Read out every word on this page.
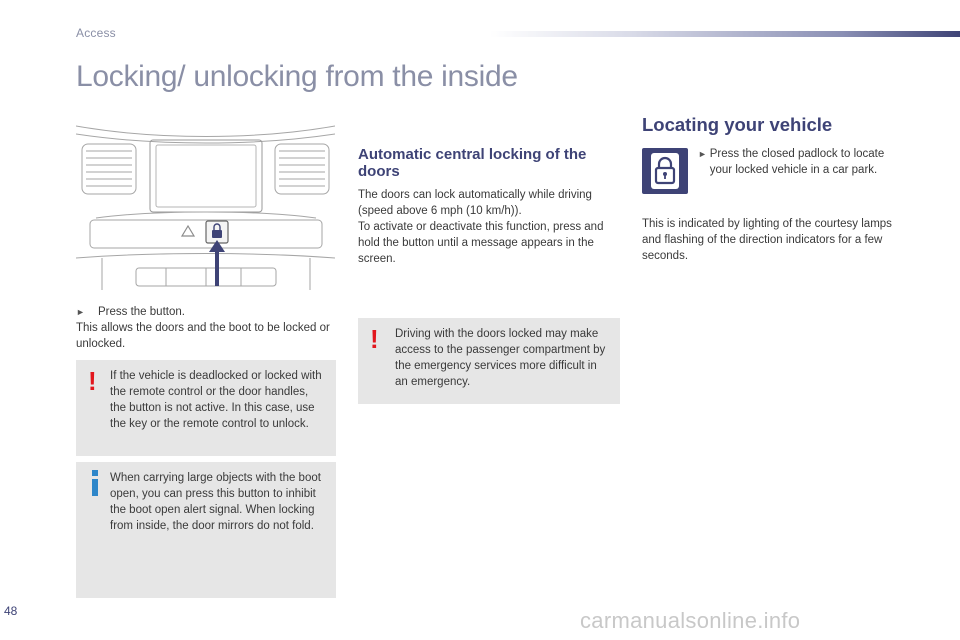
Access
Locking/ unlocking from the inside
► Press the button.
This allows the doors and the boot to be locked or unlocked.
! If the vehicle is deadlocked or locked with the remote control or the door handles, the button is not active. In this case, use the key or the remote control to unlock.
When carrying large objects with the boot open, you can press this button to inhibit the boot open alert signal. When locking from inside, the door mirrors do not fold.
Automatic central locking of the doors
The doors can lock automatically while driving (speed above 6 mph (10 km/h)).
To activate or deactivate this function, press and hold the button until a message appears in the screen.
! Driving with the doors locked may make access to the passenger compartment by the emergency services more difficult in an emergency.
Locating your vehicle
► Press the closed padlock to locate your locked vehicle in a car park.
This is indicated by lighting of the courtesy lamps and flashing of the direction indicators for a few seconds.
48	carmanualsonline.info
